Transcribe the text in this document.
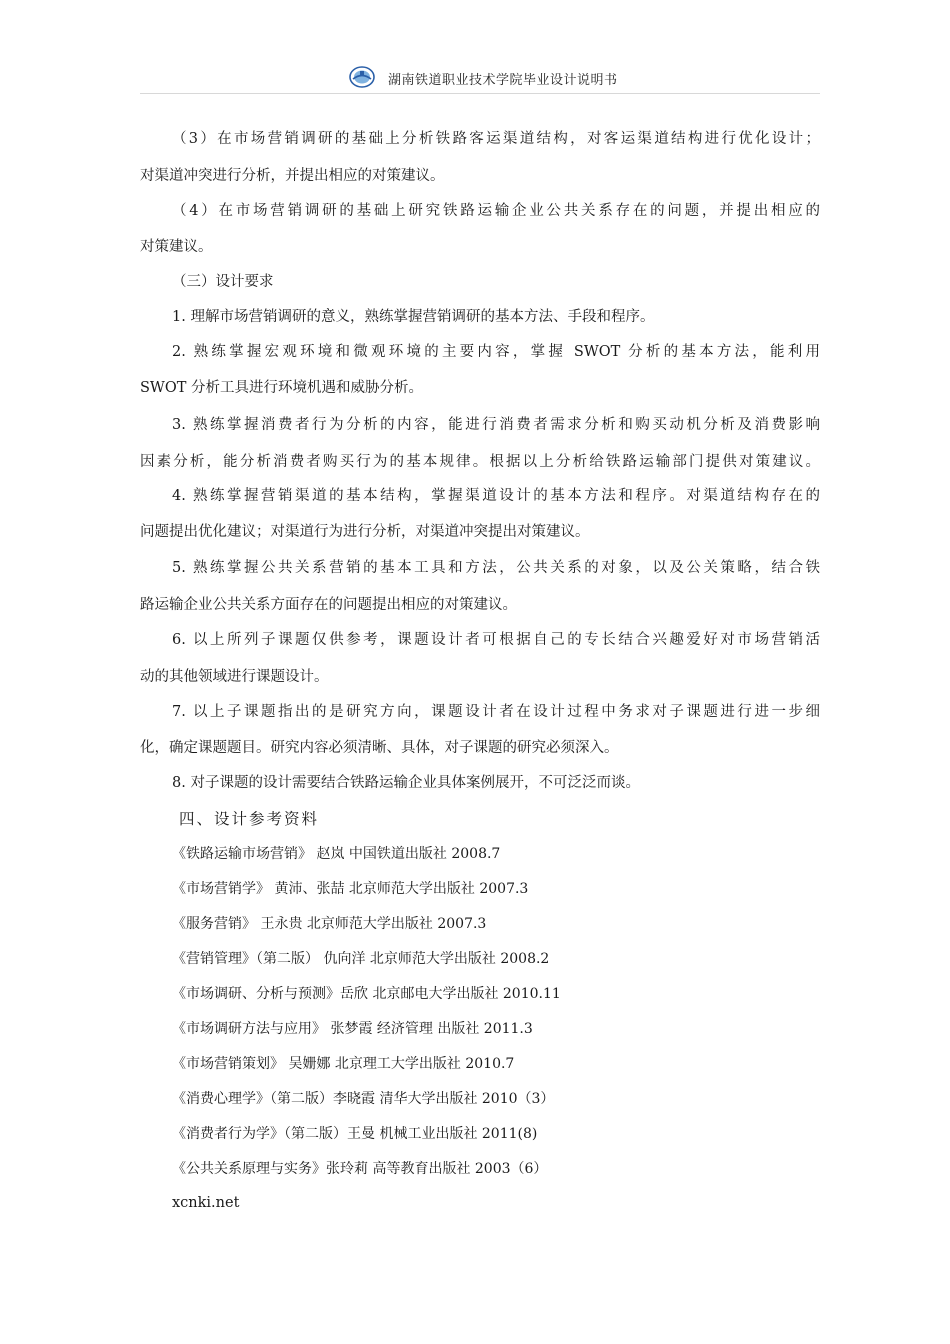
湖南铁道职业技术学院毕业设计说明书
（3）在市场营销调研的基础上分析铁路客运渠道结构，对客运渠道结构进行优化设计；
对渠道冲突进行分析，并提出相应的对策建议。
（4）在市场营销调研的基础上研究铁路运输企业公共关系存在的问题，并提出相应的
对策建议。
（三）设计要求
1. 理解市场营销调研的意义，熟练掌握营销调研的基本方法、手段和程序。
2. 熟练掌握宏观环境和微观环境的主要内容，掌握 SWOT 分析的基本方法，能利用
SWOT 分析工具进行环境机遇和威胁分析。
3. 熟练掌握消费者行为分析的内容，能进行消费者需求分析和购买动机分析及消费影响
因素分析，能分析消费者购买行为的基本规律。根据以上分析给铁路运输部门提供对策建议。
4. 熟练掌握营销渠道的基本结构，掌握渠道设计的基本方法和程序。对渠道结构存在的
问题提出优化建议；对渠道行为进行分析，对渠道冲突提出对策建议。
5. 熟练掌握公共关系营销的基本工具和方法，公共关系的对象，以及公关策略，结合铁
路运输企业公共关系方面存在的问题提出相应的对策建议。
6. 以上所列子课题仅供参考，课题设计者可根据自己的专长结合兴趣爱好对市场营销活
动的其他领域进行课题设计。
7. 以上子课题指出的是研究方向，课题设计者在设计过程中务求对子课题进行进一步细
化，确定课题题目。研究内容必须清晰、具体，对子课题的研究必须深入。
8. 对子课题的设计需要结合铁路运输企业具体案例展开，不可泛泛而谈。
四、设计参考资料
《铁路运输市场营销》 赵岚 中国铁道出版社 2008.7
《市场营销学》 黄沛、张喆 北京师范大学出版社 2007.3
《服务营销》 王永贵 北京师范大学出版社 2007.3
《营销管理》（第二版） 仇向洋 北京师范大学出版社 2008.2
《市场调研、分析与预测》岳欣 北京邮电大学出版社 2010.11
《市场调研方法与应用》 张梦霞 经济管理 出版社 2011.3
《市场营销策划》 吴姗娜 北京理工大学出版社 2010.7
《消费心理学》（第二版）李晓霞 清华大学出版社 2010（3）
《消费者行为学》（第二版）王曼 机械工业出版社 2011(8)
《公共关系原理与实务》张玲莉 高等教育出版社 2003（6）
xcnki.net
